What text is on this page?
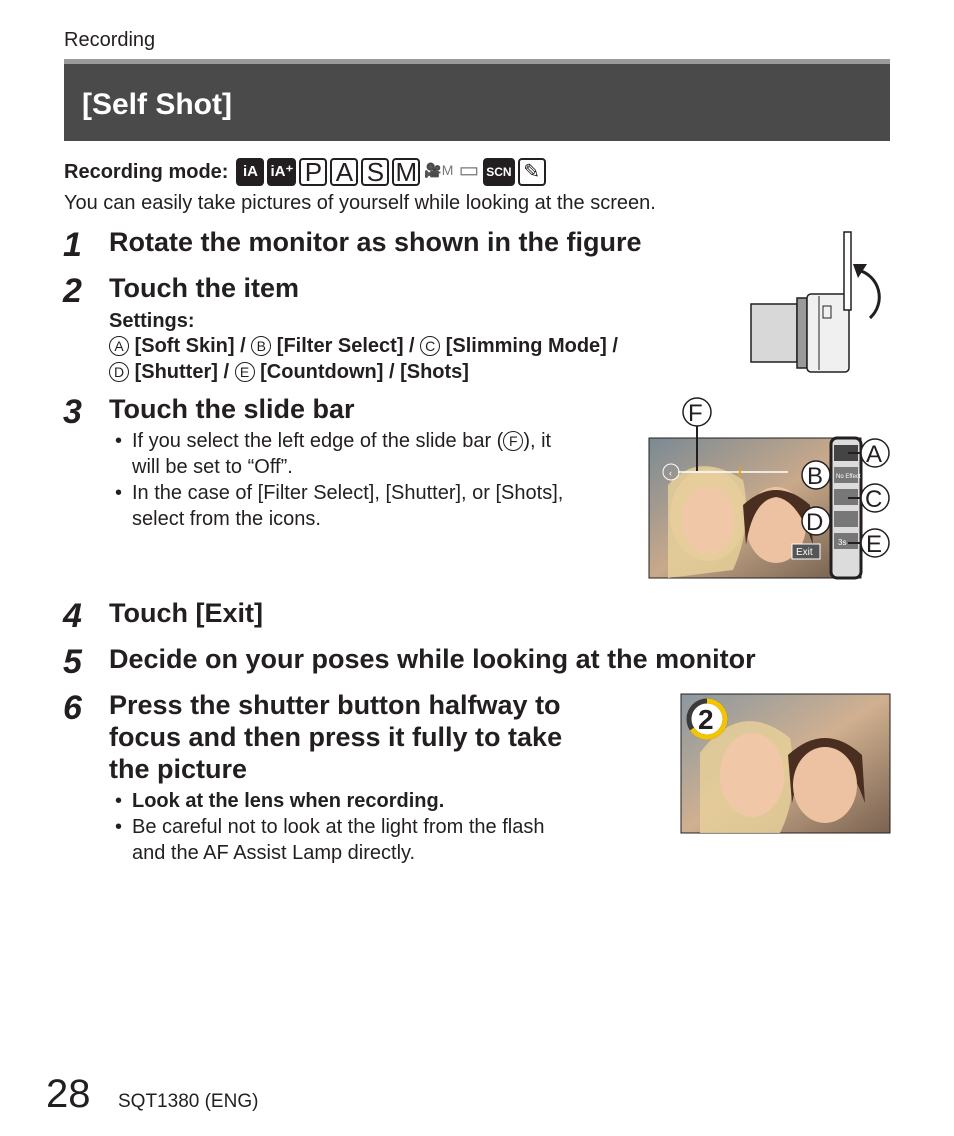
Recording
[Self Shot]
Recording mode: iA iA⁺ P A S M 🎥M ▭ SCN ✎
You can easily take pictures of yourself while looking at the screen.
1 Rotate the monitor as shown in the figure
2 Touch the item
Settings:
A [Soft Skin] / B [Filter Select] / C [Slimming Mode] /
D [Shutter] / E [Countdown] / [Shots]
3 Touch the slide bar
• If you select the left edge of the slide bar ( F ), it
will be set to “Off”.
• In the case of [Filter Select], [Shutter], or [Shots],
select from the icons.
‹	No Effect
3s
Exit
F
A
B
C
D
E
4 Touch [Exit]
5 Decide on your poses while looking at the monitor
6 Press the shutter button halfway to
focus and then press it fully to take
the picture
• Look at the lens when recording.
• Be careful not to look at the light from the flash
and the AF Assist Lamp directly.
2
28 SQT1380 (ENG)
